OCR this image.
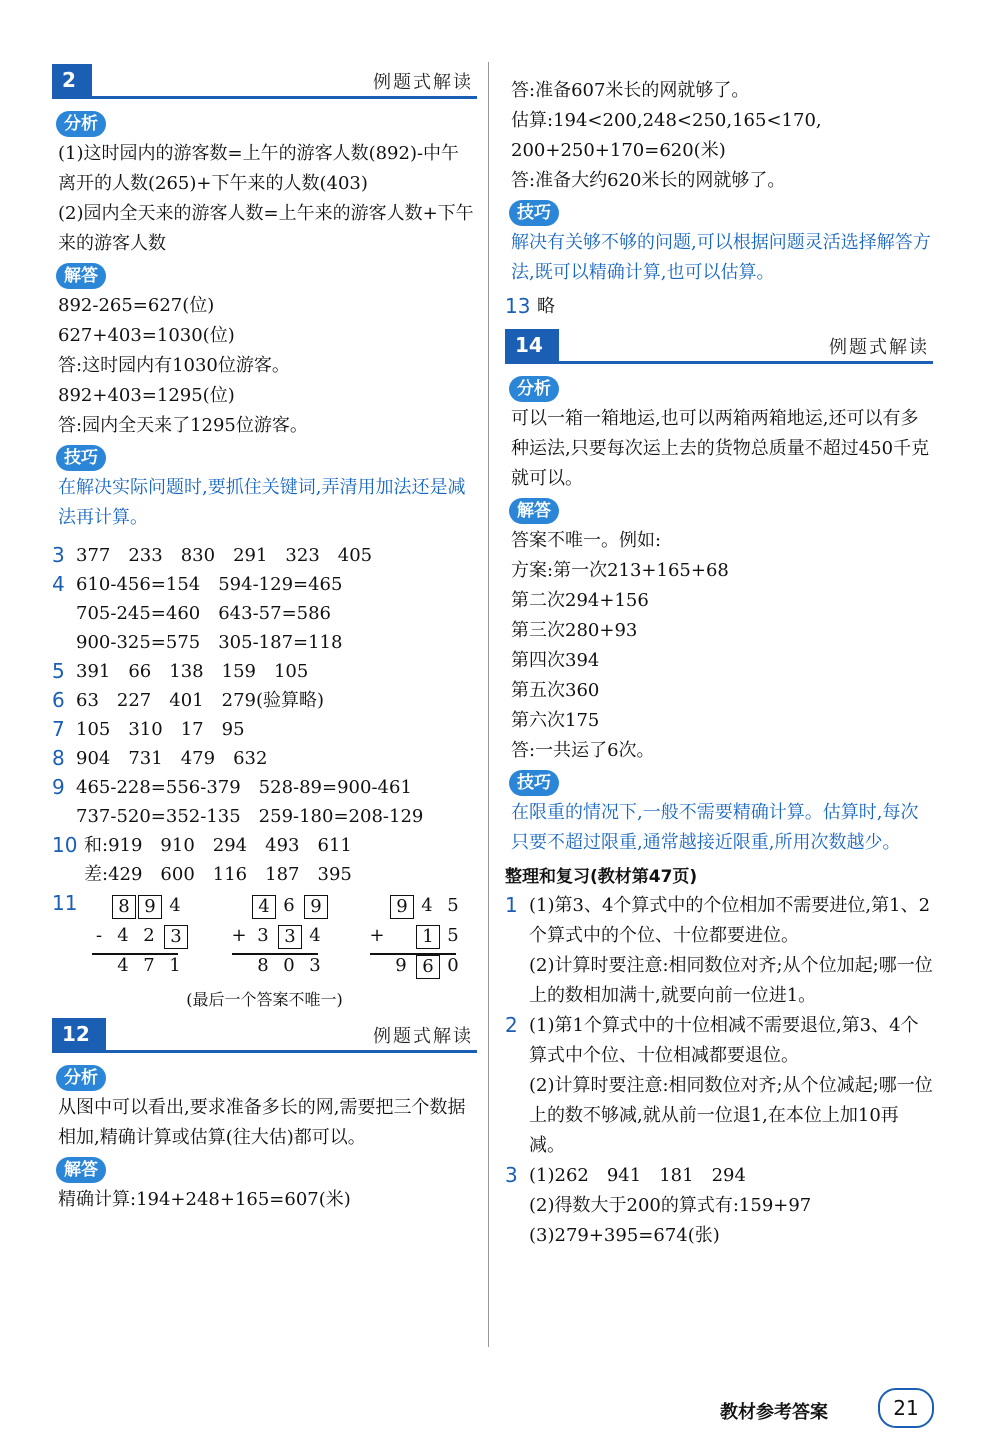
2	例题式解读
分析

(1)这时园内的游客数=上午的游客人数(892)-中午离开的人数(265)+下午来的人数(403)

(2)园内全天来的游客人数=上午来的游客人数+下午来的游客人数

解答
892-265=627(位)
627+403=1030(位)
答:这时园内有1030位游客。
892+403=1295(位)
答:园内全天来了1295位游客。
技巧

在解决实际问题时,要抓住关键词,弄清用加法还是减法再计算。

3 377　233　830　291　323　405
4 610-456=154　594-129=465
705-245=460　643-57=586
900-325=575　305-187=118
5 391　66　138　159　105
6 63　227　401　279(验算略)
7 105　310　17　95
8 904　731　479　632
9 465-228=556-379　528-89=900-461
737-520=352-135　259-180=208-129
10 和:919　910　294　493　611
差:429　600　116　187　395
11	8 9 4
- 4 2 3
4 7 1
4 6 9
+ 3 3 4
8 0 3
9 4 5
+	1 5
9 6 0
(最后一个答案不唯一)
12	例题式解读
分析

从图中可以看出,要求准备多长的网,需要把三个数据相加,精确计算或估算(往大估)都可以。

解答
精确计算:194+248+165=607(米)
答:准备607米长的网就够了。
估算:194<200,248<250,165<170,
200+250+170=620(米)
答:准备大约620米长的网就够了。
技巧

解决有关够不够的问题,可以根据问题灵活选择解答方法,既可以精确计算,也可以估算。

13 略
14	例题式解读
分析

可以一箱一箱地运,也可以两箱两箱地运,还可以有多种运法,只要每次运上去的货物总质量不超过450千克就可以。

解答
答案不唯一。例如:
方案:第一次213+165+68
第二次294+156
第三次280+93
第四次394
第五次360
第六次175
答:一共运了6次。
技巧

在限重的情况下,一般不需要精确计算。估算时,每次只要不超过限重,通常越接近限重,所用次数越少。

整理和复习(教材第47页)
1 (1)第3、4个算式中的个位相加不需要进位,第1、2个算式中的个位、十位都要进位。
(2)计算时要注意:相同数位对齐;从个位加起;哪一位上的数相加满十,就要向前一位进1。
2 (1)第1个算式中的十位相减不需要退位,第3、4个算式中个位、十位相减都要退位。
(2)计算时要注意:相同数位对齐;从个位减起;哪一位上的数不够减,就从前一位退1,在本位上加10再减。
3 (1)262　941　181　294
(2)得数大于200的算式有:159+97
(3)279+395=674(张)
教材参考答案	21
